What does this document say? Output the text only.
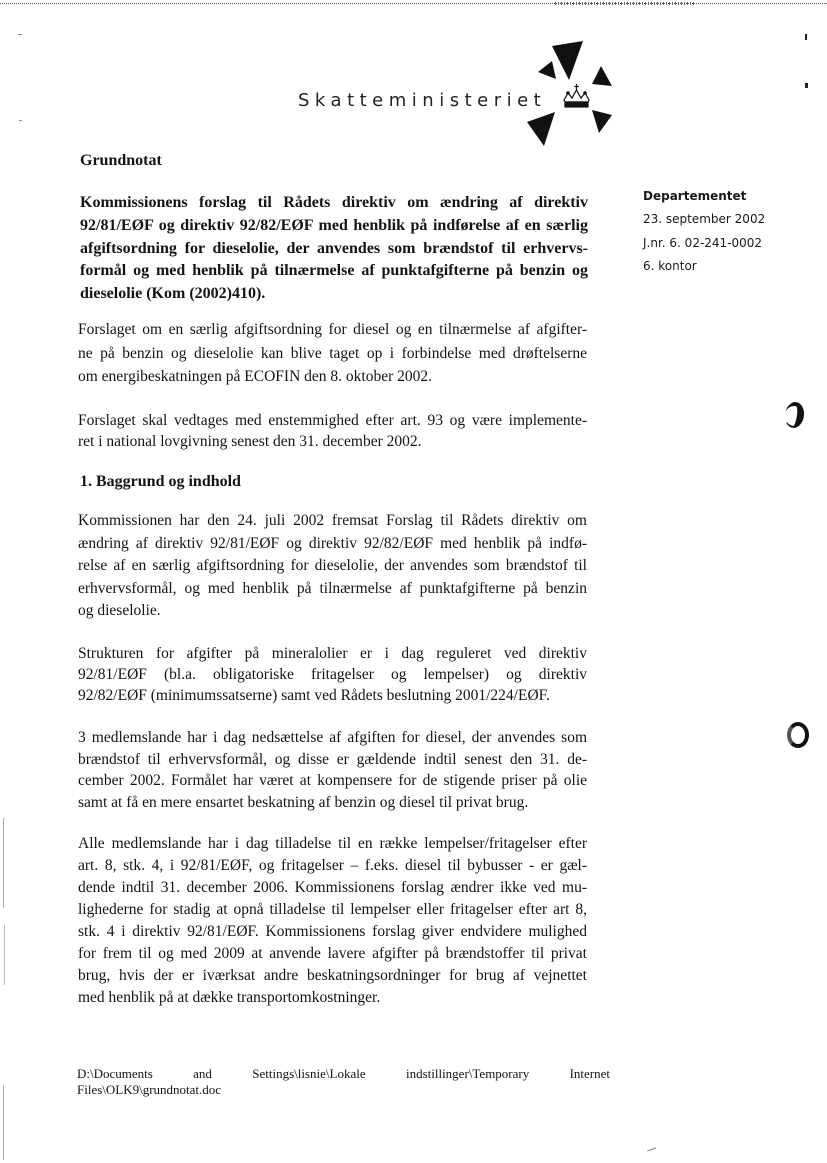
Skatteministeriet
Grundnotat
Departementet
23. september 2002
J.nr. 6. 02-241-0002
6. kontor
Kommissionens forslag til Rådets direktiv om ændring af direktiv
92/81/EØF og direktiv 92/82/EØF med henblik på indførelse af en særlig
afgiftsordning for dieselolie, der anvendes som brændstof til erhvervs-
formål og med henblik på tilnærmelse af punktafgifterne på benzin og
dieselolie (Kom (2002)410).
Forslaget om en særlig afgiftsordning for diesel og en tilnærmelse af afgifter-
ne på benzin og dieselolie kan blive taget op i forbindelse med drøftelserne
om energibeskatningen på ECOFIN den 8. oktober 2002.
Forslaget skal vedtages med enstemmighed efter art. 93 og være implemente-
ret i national lovgivning senest den 31. december 2002.
1. Baggrund og indhold
Kommissionen har den 24. juli 2002 fremsat Forslag til Rådets direktiv om
ændring af direktiv 92/81/EØF og direktiv 92/82/EØF med henblik på indfø-
relse af en særlig afgiftsordning for dieselolie, der anvendes som brændstof til
erhvervsformål, og med henblik på tilnærmelse af punktafgifterne på benzin
og dieselolie.
Strukturen for afgifter på mineralolier er i dag reguleret ved direktiv
92/81/EØF (bl.a. obligatoriske fritagelser og lempelser) og direktiv
92/82/EØF (minimumssatserne) samt ved Rådets beslutning 2001/224/EØF.
3 medlemslande har i dag nedsættelse af afgiften for diesel, der anvendes som
brændstof til erhvervsformål, og disse er gældende indtil senest den 31. de-
cember 2002. Formålet har været at kompensere for de stigende priser på olie
samt at få en mere ensartet beskatning af benzin og diesel til privat brug.
Alle medlemslande har i dag tilladelse til en række lempelser/fritagelser efter
art. 8, stk. 4, i 92/81/EØF, og fritagelser – f.eks. diesel til bybusser - er gæl-
dende indtil 31. december 2006. Kommissionens forslag ændrer ikke ved mu-
lighederne for stadig at opnå tilladelse til lempelser eller fritagelser efter art 8,
stk. 4 i direktiv 92/81/EØF. Kommissionens forslag giver endvidere mulighed
for frem til og med 2009 at anvende lavere afgifter på brændstoffer til privat
brug, hvis der er iværksat andre beskatningsordninger for brug af vejnettet
med henblik på at dække transportomkostninger.
D:\Documents and Settings\lisnie\Lokale indstillinger\Temporary Internet
Files\OLK9\grundnotat.doc
